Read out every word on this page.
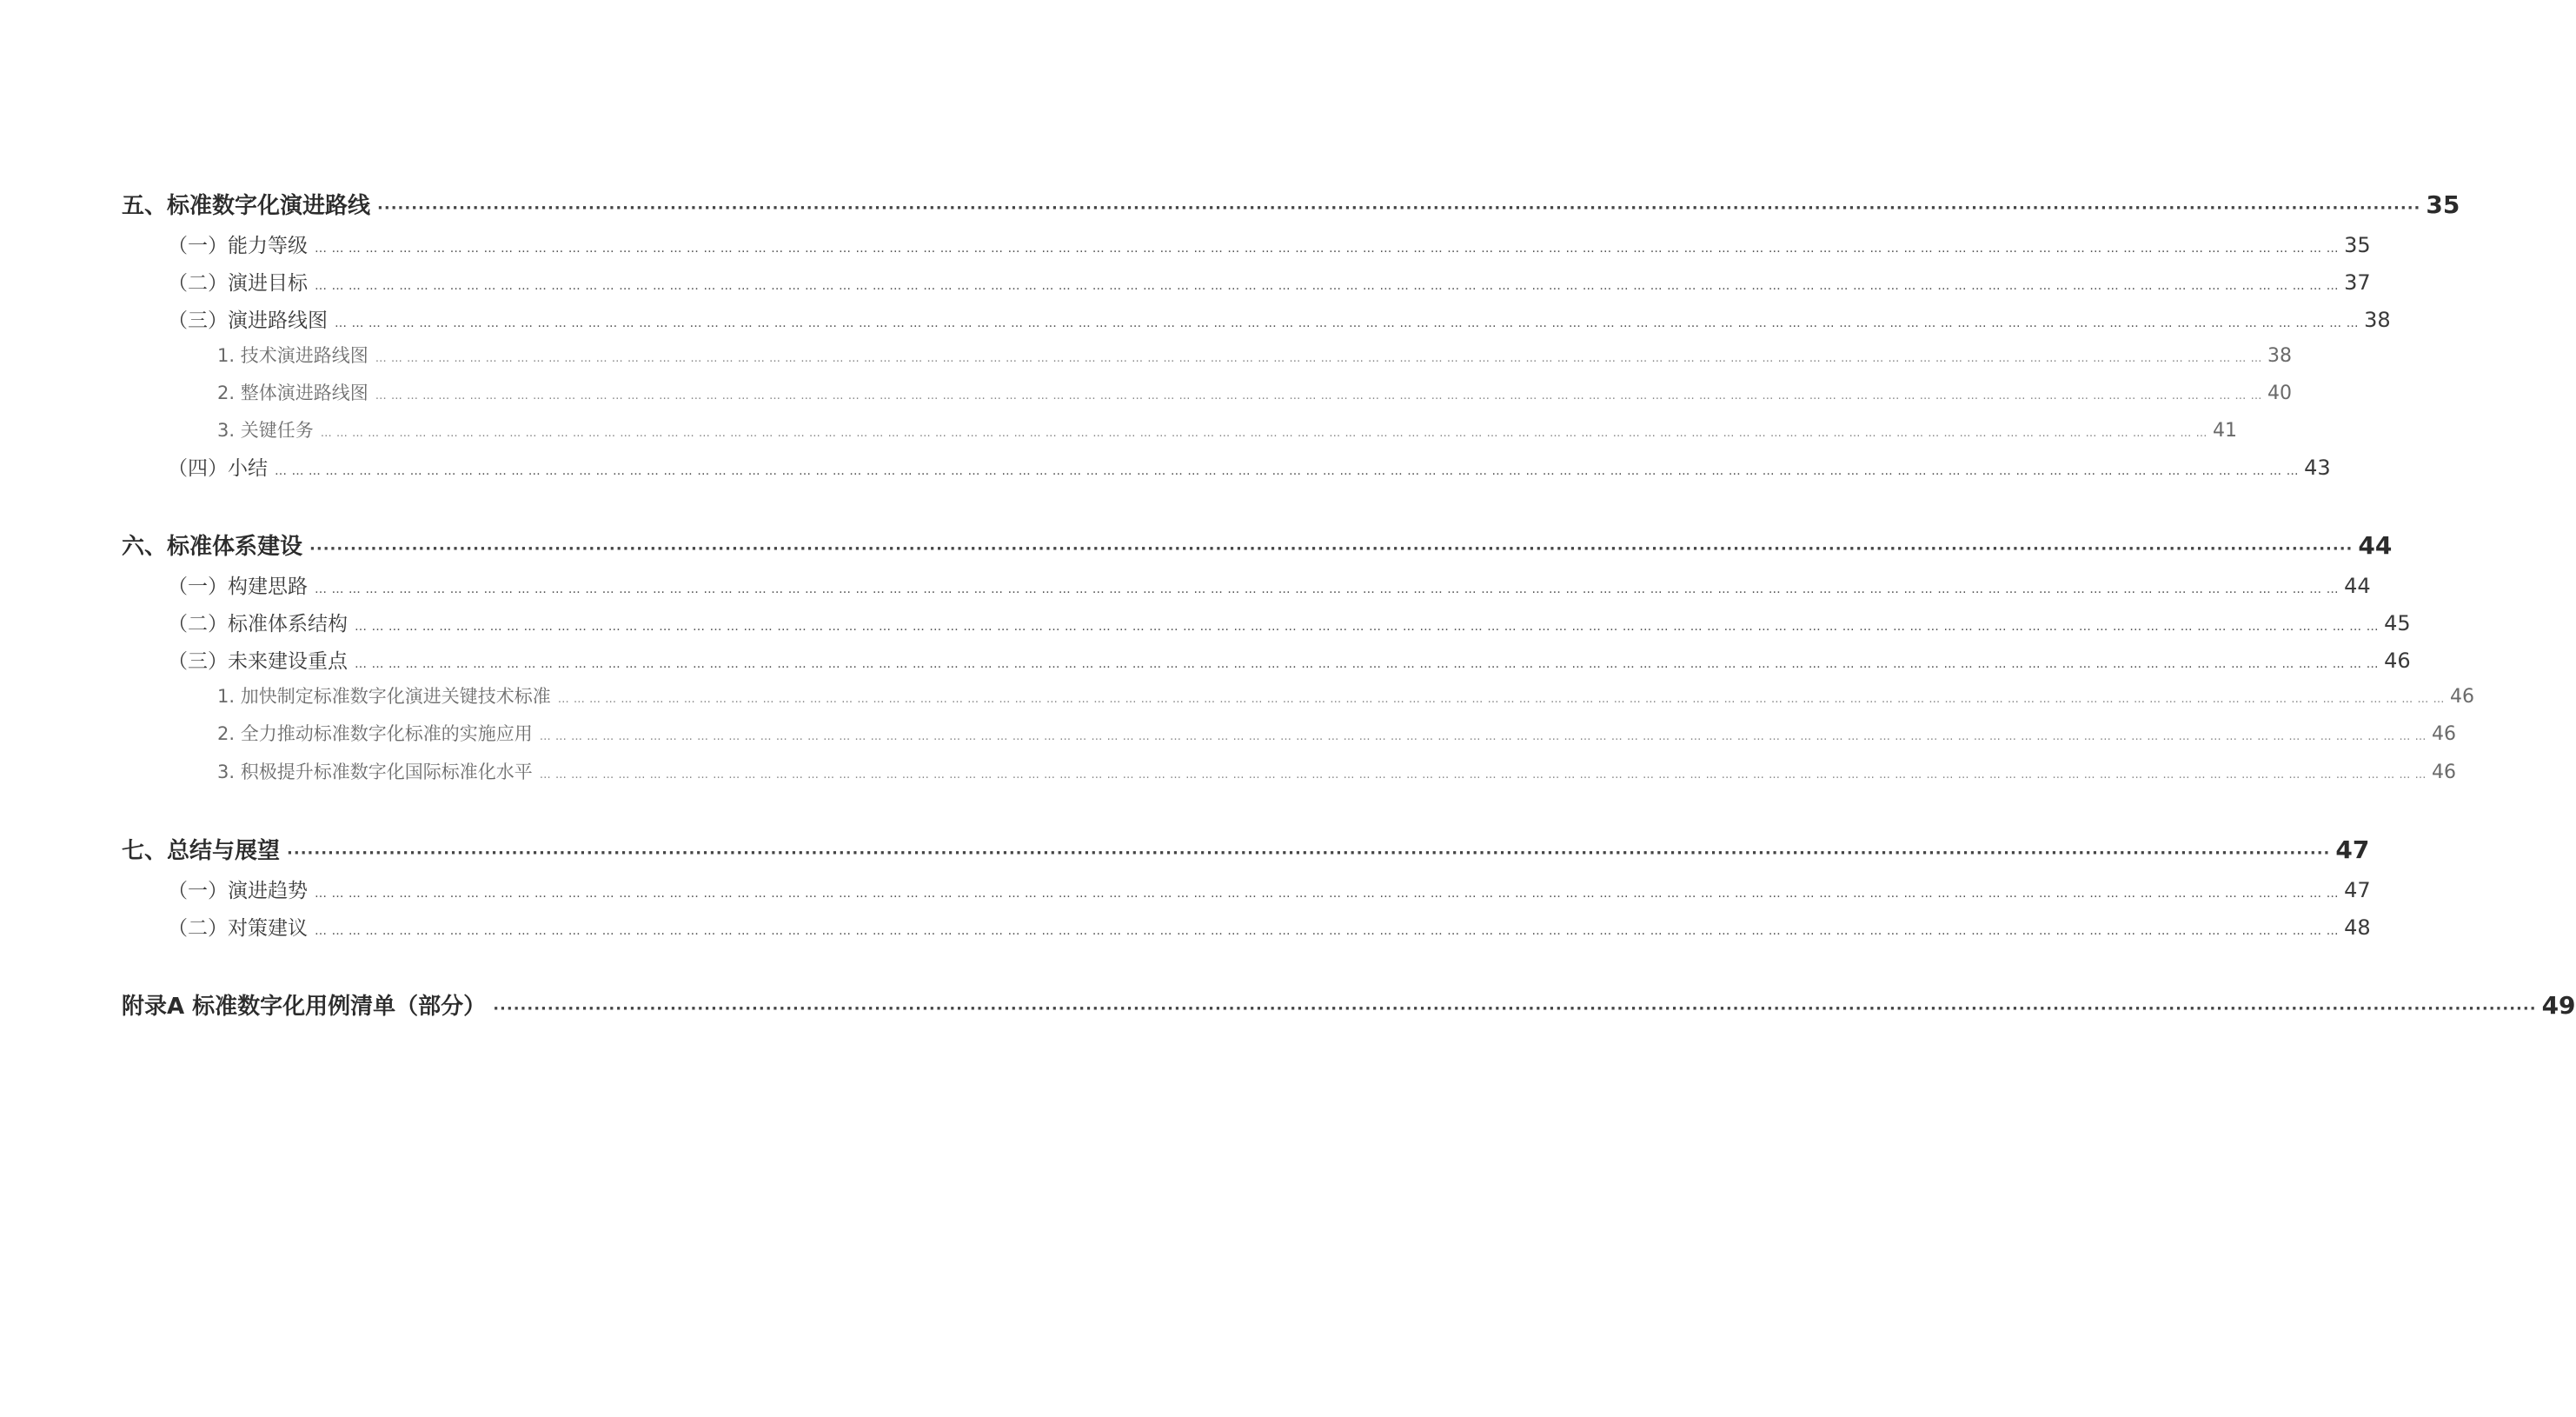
五、标准数字化演进路线 ············································································································································································································································································································ 35
（一）能力等级 … … … … … … … … … … … … … … … … … … … … … … … … … … … … … … … … … … … … … … … … … … … … … … … … … … … … … … … … … … … … … … … … … … … … … … … … … … … … … … … … … … … … … … … … … … … … … … … … … … … … … … … … … … … … … … … … … … … … … … … … 35
（二）演进目标 … … … … … … … … … … … … … … … … … … … … … … … … … … … … … … … … … … … … … … … … … … … … … … … … … … … … … … … … … … … … … … … … … … … … … … … … … … … … … … … … … … … … … … … … … … … … … … … … … … … … … … … … … … … … … … … … … … … … … … … … 37
（三）演进路线图 … … … … … … … … … … … … … … … … … … … … … … … … … … … … … … … … … … … … … … … … … … … … … … … … … … … … … … … … … … … … … … … … … … … … … … … … … … … … … … … … … … … … … … … … … … … … … … … … … … … … … … … … … … … … … … … … … … … … … … … … 38
1. 技术演进路线图 … … … … … … … … … … … … … … … … … … … … … … … … … … … … … … … … … … … … … … … … … … … … … … … … … … … … … … … … … … … … … … … … … … … … … … … … … … … … … … … … … … … … … … … … … … … … … … … … … … … … … … … … … … … … … … … … … … … … … … … … 38
2. 整体演进路线图 … … … … … … … … … … … … … … … … … … … … … … … … … … … … … … … … … … … … … … … … … … … … … … … … … … … … … … … … … … … … … … … … … … … … … … … … … … … … … … … … … … … … … … … … … … … … … … … … … … … … … … … … … … … … … … … … … … … … … … … … 40
3. 关键任务 … … … … … … … … … … … … … … … … … … … … … … … … … … … … … … … … … … … … … … … … … … … … … … … … … … … … … … … … … … … … … … … … … … … … … … … … … … … … … … … … … … … … … … … … … … … … … … … … … … … … … … … … … … … … … … … … … … … … … … … … 41
（四）小结 … … … … … … … … … … … … … … … … … … … … … … … … … … … … … … … … … … … … … … … … … … … … … … … … … … … … … … … … … … … … … … … … … … … … … … … … … … … … … … … … … … … … … … … … … … … … … … … … … … … … … … … … … … … … … … … … … … … … … … … … 43
六、标准体系建设 ············································································································································································································································································································ 44
（一）构建思路 … … … … … … … … … … … … … … … … … … … … … … … … … … … … … … … … … … … … … … … … … … … … … … … … … … … … … … … … … … … … … … … … … … … … … … … … … … … … … … … … … … … … … … … … … … … … … … … … … … … … … … … … … … … … … … … … … … … … … … … … 44
（二）标准体系结构 … … … … … … … … … … … … … … … … … … … … … … … … … … … … … … … … … … … … … … … … … … … … … … … … … … … … … … … … … … … … … … … … … … … … … … … … … … … … … … … … … … … … … … … … … … … … … … … … … … … … … … … … … … … … … … … … … … … … … … … … 45
（三）未来建设重点 … … … … … … … … … … … … … … … … … … … … … … … … … … … … … … … … … … … … … … … … … … … … … … … … … … … … … … … … … … … … … … … … … … … … … … … … … … … … … … … … … … … … … … … … … … … … … … … … … … … … … … … … … … … … … … … … … … … … … … … … 46
1. 加快制定标准数字化演进关键技术标准 … … … … … … … … … … … … … … … … … … … … … … … … … … … … … … … … … … … … … … … … … … … … … … … … … … … … … … … … … … … … … … … … … … … … … … … … … … … … … … … … … … … … … … … … … … … … … … … … … … … … … … … … … … … … … … … … … … … … … … … … 46
2. 全力推动标准数字化标准的实施应用 … … … … … … … … … … … … … … … … … … … … … … … … … … … … … … … … … … … … … … … … … … … … … … … … … … … … … … … … … … … … … … … … … … … … … … … … … … … … … … … … … … … … … … … … … … … … … … … … … … … … … … … … … … … … … … … … … … … … … … … … 46
3. 积极提升标准数字化国际标准化水平 … … … … … … … … … … … … … … … … … … … … … … … … … … … … … … … … … … … … … … … … … … … … … … … … … … … … … … … … … … … … … … … … … … … … … … … … … … … … … … … … … … … … … … … … … … … … … … … … … … … … … … … … … … … … … … … … … … … … … … … … 46
七、总结与展望 ············································································································································································································································································································ 47
（一）演进趋势 … … … … … … … … … … … … … … … … … … … … … … … … … … … … … … … … … … … … … … … … … … … … … … … … … … … … … … … … … … … … … … … … … … … … … … … … … … … … … … … … … … … … … … … … … … … … … … … … … … … … … … … … … … … … … … … … … … … … … … … … 47
（二）对策建议 … … … … … … … … … … … … … … … … … … … … … … … … … … … … … … … … … … … … … … … … … … … … … … … … … … … … … … … … … … … … … … … … … … … … … … … … … … … … … … … … … … … … … … … … … … … … … … … … … … … … … … … … … … … … … … … … … … … … … … … … 48
附录A 标准数字化用例清单（部分） ············································································································································································································································································································ 49
